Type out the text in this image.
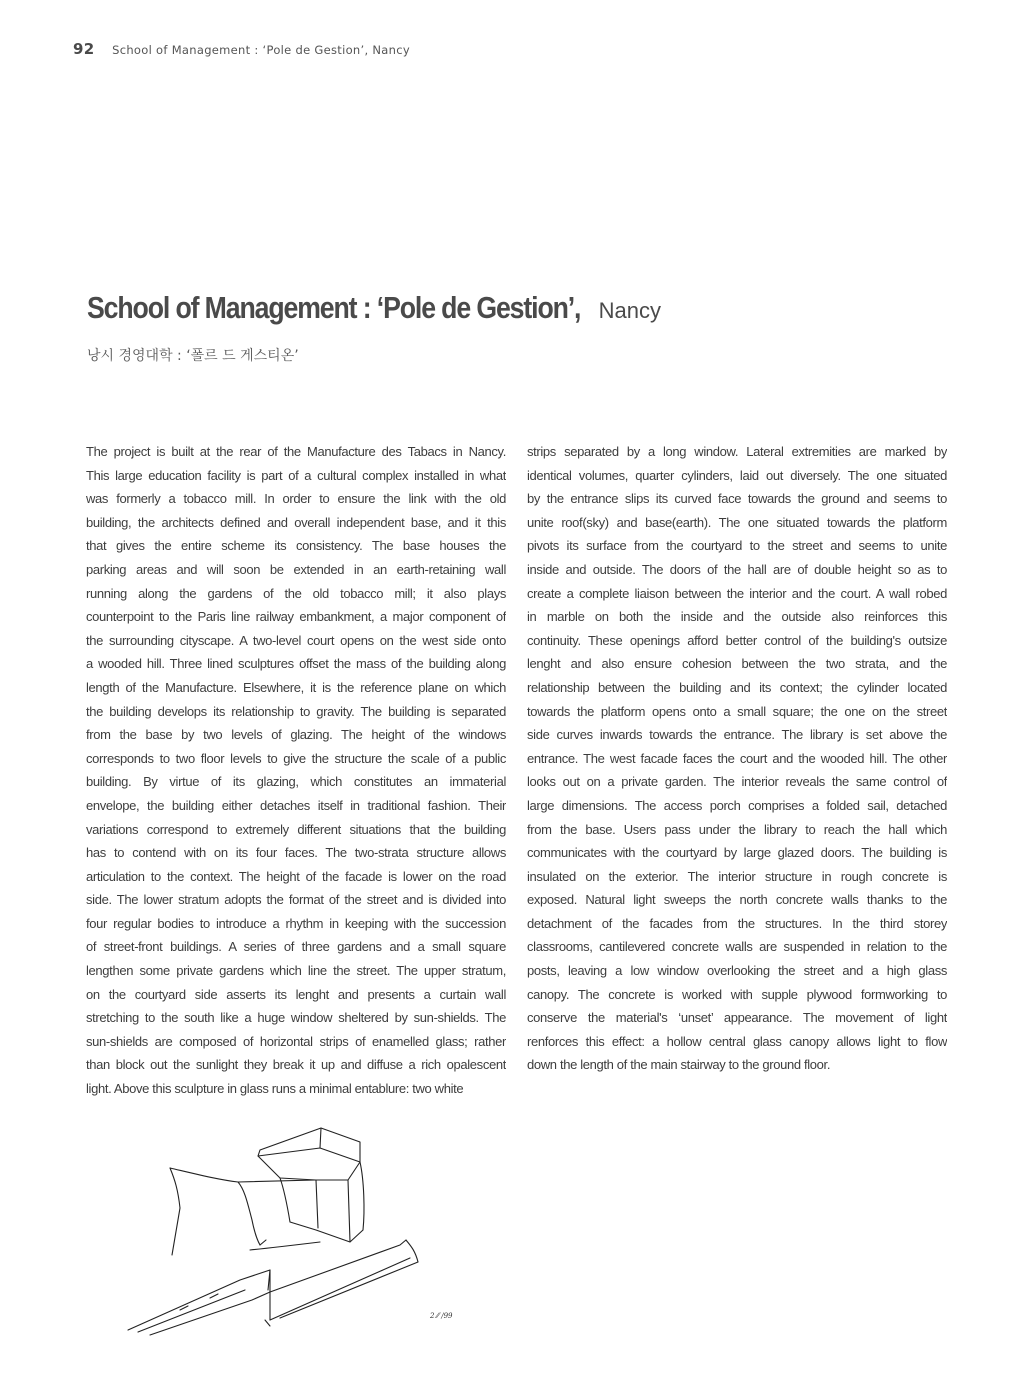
92 School of Management : ‘Pole de Gestion’, Nancy
School of Management : ‘Pole de Gestion’,Nancy
낭시 경영대학 : ‘폴르 드 게스티온’
The project is built at the rear of the Manufacture des Tabacs in Nancy.
This large education facility is part of a cultural complex installed in what
was formerly a tobacco mill. In order to ensure the link with the old
building, the architects defined and overall independent base, and it this
that gives the entire scheme its consistency. The base houses the
parking areas and will soon be extended in an earth-retaining wall
running along the gardens of the old tobacco mill; it also plays
counterpoint to the Paris line railway embankment, a major component of
the surrounding cityscape. A two-level court opens on the west side onto
a wooded hill. Three lined sculptures offset the mass of the building along
length of the Manufacture. Elsewhere, it is the reference plane on which
the building develops its relationship to gravity. The building is separated
from the base by two levels of glazing. The height of the windows
corresponds to two floor levels to give the structure the scale of a public
building. By virtue of its glazing, which constitutes an immaterial
envelope, the building either detaches itself in traditional fashion. Their
variations correspond to extremely different situations that the building
has to contend with on its four faces. The two-strata structure allows
articulation to the context. The height of the facade is lower on the road
side. The lower stratum adopts the format of the street and is divided into
four regular bodies to introduce a rhythm in keeping with the succession
of street-front buildings. A series of three gardens and a small square
lengthen some private gardens which line the street. The upper stratum,
on the courtyard side asserts its lenght and presents a curtain wall
stretching to the south like a huge window sheltered by sun-shields. The
sun-shields are composed of horizontal strips of enamelled glass; rather
than block out the sunlight they break it up and diffuse a rich opalescent
light. Above this sculpture in glass runs a minimal entablure: two white
strips separated by a long window. Lateral extremities are marked by
identical volumes, quarter cylinders, laid out diversely. The one situated
by the entrance slips its curved face towards the ground and seems to
unite roof(sky) and base(earth). The one situated towards the platform
pivots its surface from the courtyard to the street and seems to unite
inside and outside. The doors of the hall are of double height so as to
create a complete liaison between the interior and the court. A wall robed
in marble on both the inside and the outside also reinforces this
continuity. These openings afford better control of the building's outsize
lenght and also ensure cohesion between the two strata, and the
relationship between the building and its context; the cylinder located
towards the platform opens onto a small square; the one on the street
side curves inwards towards the entrance. The library is set above the
entrance. The west facade faces the court and the wooded hill. The other
looks out on a private garden. The interior reveals the same control of
large dimensions. The access porch comprises a folded sail, detached
from the base. Users pass under the library to reach the hall which
communicates with the courtyard by large glazed doors. The building is
insulated on the exterior. The interior structure in rough concrete is
exposed. Natural light sweeps the north concrete walls thanks to the
detachment of the facades from the structures. In the third storey
classrooms, cantilevered concrete walls are suspended in relation to the
posts, leaving a low window overlooking the street and a high glass
canopy. The concrete is worked with supple plywood formworking to
conserve the material's ‘unset’ appearance. The movement of light
renforces this effect: a hollow central glass canopy allows light to flow
down the length of the main stairway to the ground floor.
2 ⁄⁄ /99
